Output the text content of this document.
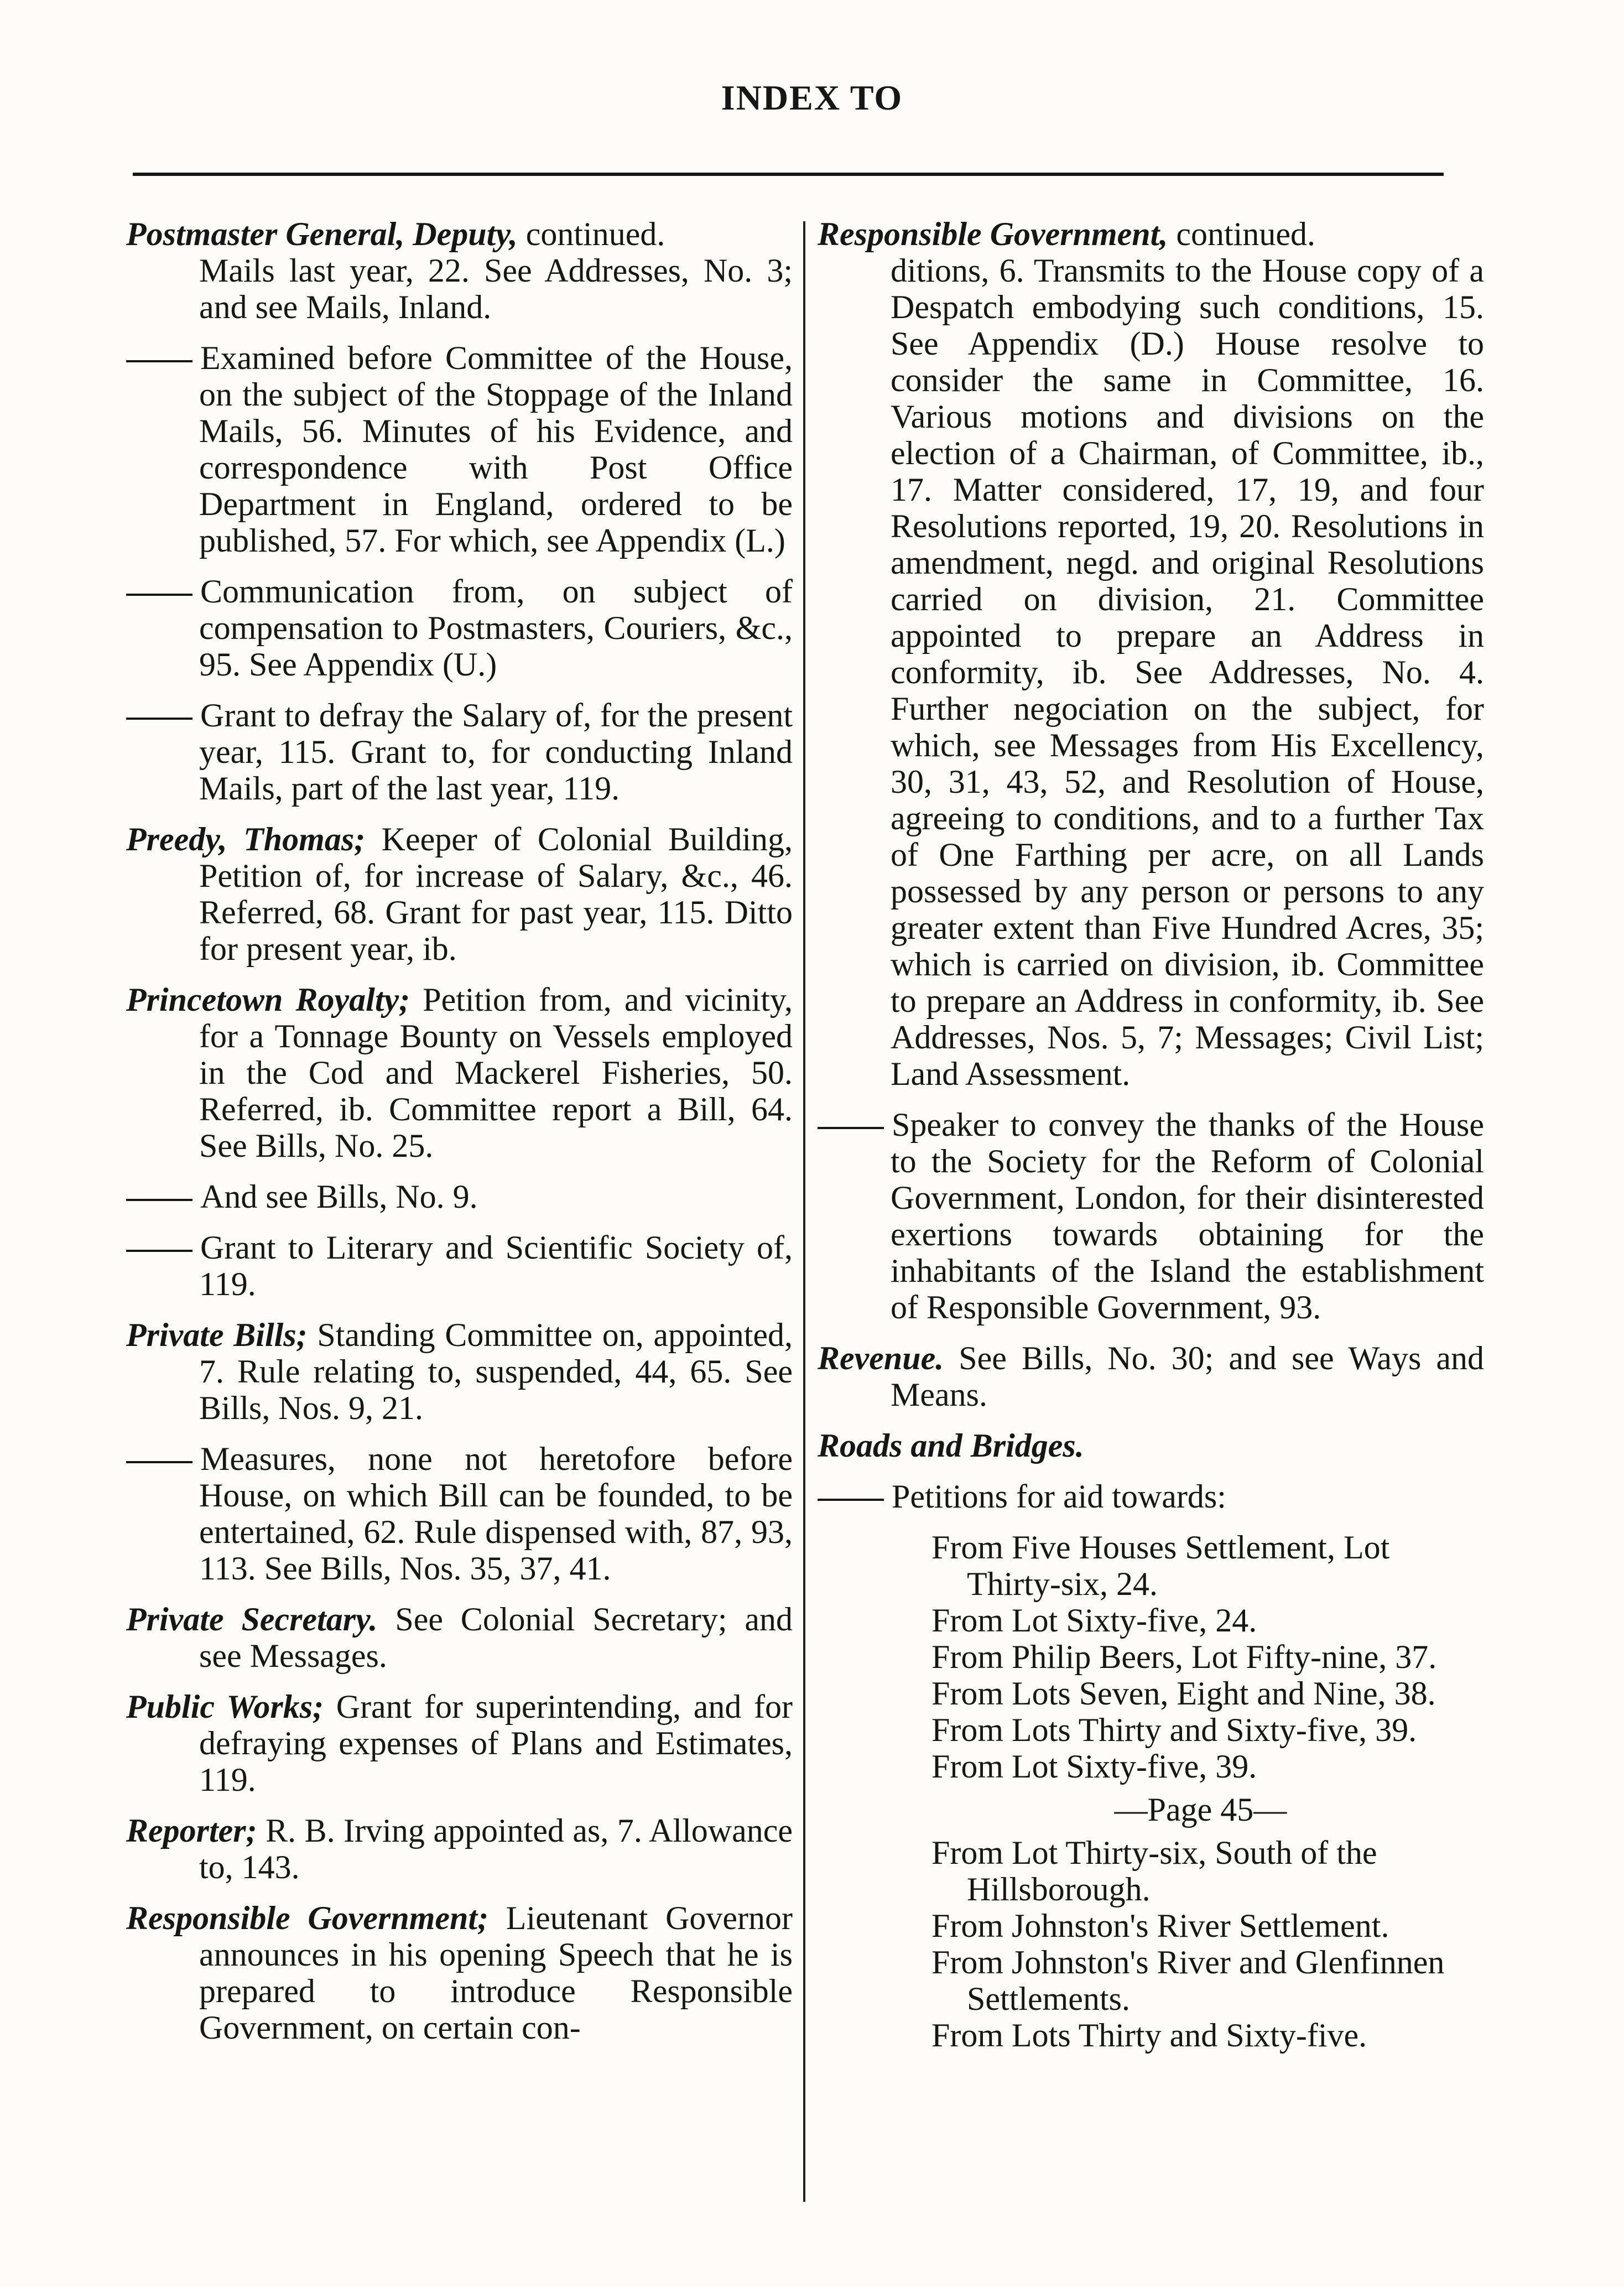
INDEX TO
Postmaster General, Deputy, continued.
Mails last year, 22. See Addresses, No. 3; and see Mails, Inland.
Examined before Committee of the House, on the subject of the Stoppage of the Inland Mails, 56. Minutes of his Evidence, and correspondence with Post Office Department in England, ordered to be published, 57. For which, see Appendix (L.)
Communication from, on subject of compensation to Postmasters, Couriers, &c., 95. See Appendix (U.)
Grant to defray the Salary of, for the present year, 115. Grant to, for conducting Inland Mails, part of the last year, 119.
Preedy, Thomas; Keeper of Colonial Building, Petition of, for increase of Salary, &c., 46. Referred, 68. Grant for past year, 115. Ditto for present year, ib.
Princetown Royalty; Petition from, and vicinity, for a Tonnage Bounty on Vessels employed in the Cod and Mackerel Fisheries, 50. Referred, ib. Committee report a Bill, 64. See Bills, No. 25.
And see Bills, No. 9.
Grant to Literary and Scientific Society of, 119.
Private Bills; Standing Committee on, appointed, 7. Rule relating to, suspended, 44, 65. See Bills, Nos. 9, 21.
Measures, none not heretofore before House, on which Bill can be founded, to be entertained, 62. Rule dispensed with, 87, 93, 113. See Bills, Nos. 35, 37, 41.
Private Secretary. See Colonial Secretary; and see Messages.
Public Works; Grant for superintending, and for defraying expenses of Plans and Estimates, 119.
Reporter; R. B. Irving appointed as, 7. Allowance to, 143.
Responsible Government; Lieutenant Governor announces in his opening Speech that he is prepared to introduce Responsible Government, on certain con-
Responsible Government, continued.
ditions, 6. Transmits to the House copy of a Despatch embodying such conditions, 15. See Appendix (D.) House resolve to consider the same in Committee, 16. Various motions and divisions on the election of a Chairman, of Committee, ib., 17. Matter considered, 17, 19, and four Resolutions reported, 19, 20. Resolutions in amendment, negd. and original Resolutions carried on division, 21. Committee appointed to prepare an Address in conformity, ib. See Addresses, No. 4. Further negociation on the subject, for which, see Messages from His Excellency, 30, 31, 43, 52, and Resolution of House, agreeing to conditions, and to a further Tax of One Farthing per acre, on all Lands possessed by any person or persons to any greater extent than Five Hundred Acres, 35; which is carried on division, ib. Committee to prepare an Address in conformity, ib. See Addresses, Nos. 5, 7; Messages; Civil List; Land Assessment.
Speaker to convey the thanks of the House to the Society for the Reform of Colonial Government, London, for their disinterested exertions towards obtaining for the inhabitants of the Island the establishment of Responsible Government, 93.
Revenue. See Bills, No. 30; and see Ways and Means.
Roads and Bridges.
Petitions for aid towards:
From Five Houses Settlement, Lot Thirty-six, 24.
From Lot Sixty-five, 24.
From Philip Beers, Lot Fifty-nine, 37.
From Lots Seven, Eight and Nine, 38.
From Lots Thirty and Sixty-five, 39.
From Lot Sixty-five, 39.
—Page 45—
From Lot Thirty-six, South of the Hillsborough.
From Johnston's River Settlement.
From Johnston's River and Glenfinnen Settlements.
From Lots Thirty and Sixty-five.
